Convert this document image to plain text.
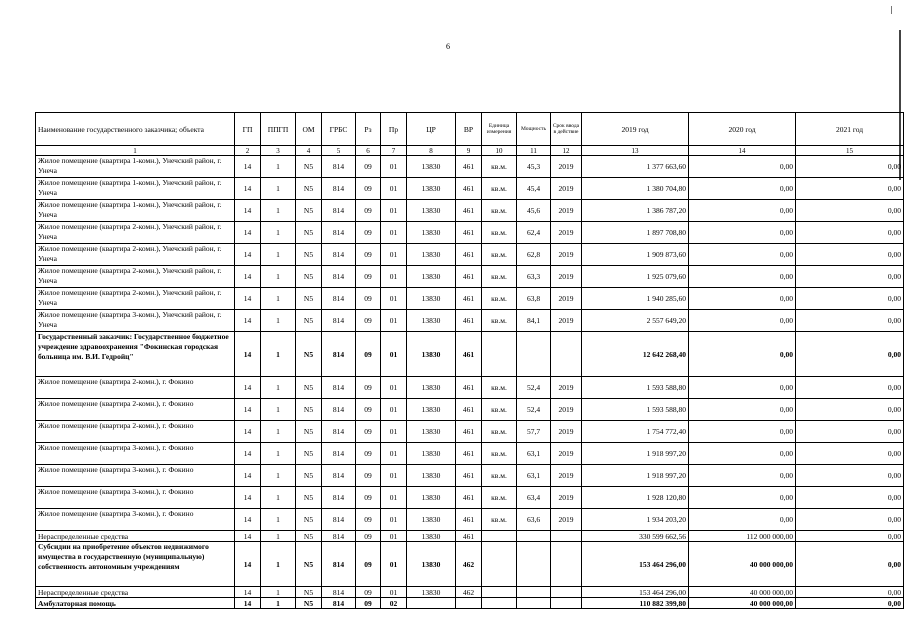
6
Наименование государственного заказчика; объекта	ГП	ППГП	ОМ	ГРБС	Рз	Пр	ЦР	ВР	Единица измерения	Мощность	Срок ввода в действие	2019 год	2020 год	2021 год
1	2	3	4	5	6	7	8	9	10	11	12	13	14	15
Жилое помещение (квартира 1-комн.), Унечский район, г. Унеча	14	1	N5	814	09	01	13830	461	кв.м.	45,3	2019	1 377 663,60	0,00	0,00
Жилое помещение (квартира 1-комн.), Унечский район, г. Унеча	14	1	N5	814	09	01	13830	461	кв.м.	45,4	2019	1 380 704,80	0,00	0,00
Жилое помещение (квартира 1-комн.), Унечский район, г. Унеча	14	1	N5	814	09	01	13830	461	кв.м.	45,6	2019	1 386 787,20	0,00	0,00
Жилое помещение (квартира 2-комн.), Унечский район, г. Унеча	14	1	N5	814	09	01	13830	461	кв.м.	62,4	2019	1 897 708,80	0,00	0,00
Жилое помещение (квартира 2-комн.), Унечский район, г. Унеча	14	1	N5	814	09	01	13830	461	кв.м.	62,8	2019	1 909 873,60	0,00	0,00
Жилое помещение (квартира 2-комн.), Унечский район, г. Унеча	14	1	N5	814	09	01	13830	461	кв.м.	63,3	2019	1 925 079,60	0,00	0,00
Жилое помещение (квартира 2-комн.), Унечский район, г. Унеча	14	1	N5	814	09	01	13830	461	кв.м.	63,8	2019	1 940 285,60	0,00	0,00
Жилое помещение (квартира 3-комн.), Унечский район, г. Унеча	14	1	N5	814	09	01	13830	461	кв.м.	84,1	2019	2 557 649,20	0,00	0,00
Государственный заказчик: Государственное бюджетное учреждение здравоохранения "Фокинская городская больница им. В.И. Гедройц"	14	1	N5	814	09	01	13830	461				12 642 268,40	0,00	0,00
Жилое помещение (квартира 2-комн.), г. Фокино	14	1	N5	814	09	01	13830	461	кв.м.	52,4	2019	1 593 588,80	0,00	0,00
Жилое помещение (квартира 2-комн.), г. Фокино	14	1	N5	814	09	01	13830	461	кв.м.	52,4	2019	1 593 588,80	0,00	0,00
Жилое помещение (квартира 2-комн.), г. Фокино	14	1	N5	814	09	01	13830	461	кв.м.	57,7	2019	1 754 772,40	0,00	0,00
Жилое помещение (квартира 3-комн.), г. Фокино	14	1	N5	814	09	01	13830	461	кв.м.	63,1	2019	1 918 997,20	0,00	0,00
Жилое помещение (квартира 3-комн.), г. Фокино	14	1	N5	814	09	01	13830	461	кв.м.	63,1	2019	1 918 997,20	0,00	0,00
Жилое помещение (квартира 3-комн.), г. Фокино	14	1	N5	814	09	01	13830	461	кв.м.	63,4	2019	1 928 120,80	0,00	0,00
Жилое помещение (квартира 3-комн.), г. Фокино	14	1	N5	814	09	01	13830	461	кв.м.	63,6	2019	1 934 203,20	0,00	0,00
Нераспределенные средства	14	1	N5	814	09	01	13830	461				330 599 662,56	112 000 000,00	0,00
Субсидии на приобретение объектов недвижимого имущества в государственную (муниципальную) собственность автономным учреждениям	14	1	N5	814	09	01	13830	462				153 464 296,00	40 000 000,00	0,00
Нераспределенные средства	14	1	N5	814	09	01	13830	462				153 464 296,00	40 000 000,00	0,00
Амбулаторная помощь	14	1	N5	814	09	02						110 882 399,80	40 000 000,00	0,00
